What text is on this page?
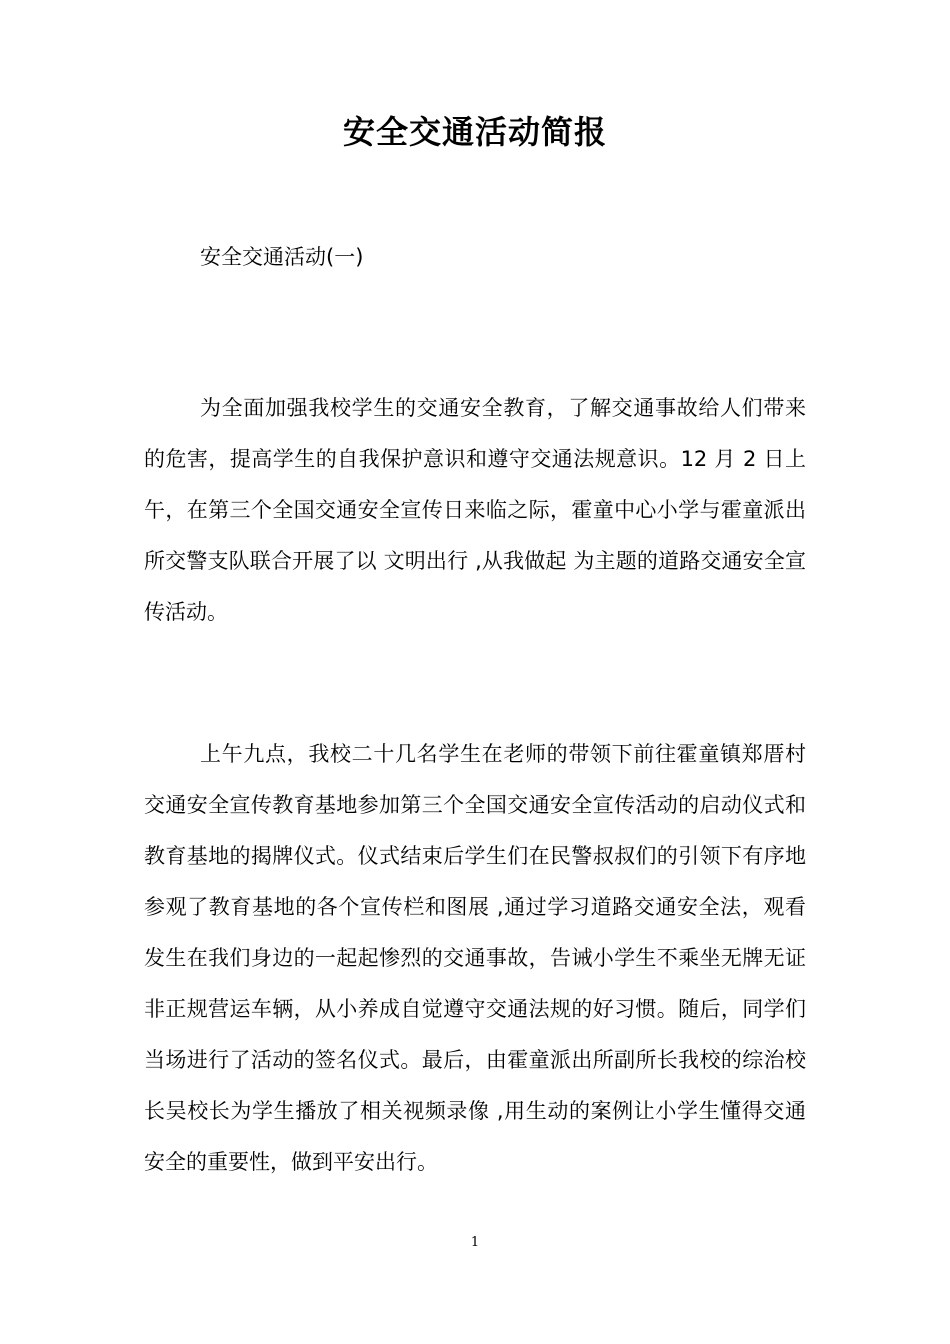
安全交通活动简报

安全交通活动(一)

为全面加强我校学生的交通安全教育，了解交通事故给人们带来的危害，提高学生的自我保护意识和遵守交通法规意识。12 月 2 日上午，在第三个全国交通安全宣传日来临之际，霍童中心小学与霍童派出所交警支队联合开展了以 文明出行 ,从我做起 为主题的道路交通安全宣传活动。

上午九点，我校二十几名学生在老师的带领下前往霍童镇郑厝村交通安全宣传教育基地参加第三个全国交通安全宣传活动的启动仪式和教育基地的揭牌仪式。仪式结束后学生们在民警叔叔们的引领下有序地参观了教育基地的各个宣传栏和图展 ,通过学习道路交通安全法，观看发生在我们身边的一起起惨烈的交通事故，告诫小学生不乘坐无牌无证非正规营运车辆，从小养成自觉遵守交通法规的好习惯。随后，同学们当场进行了活动的签名仪式。最后，由霍童派出所副所长我校的综治校长吴校长为学生播放了相关视频录像 ,用生动的案例让小学生懂得交通安全的重要性，做到平安出行。

1
